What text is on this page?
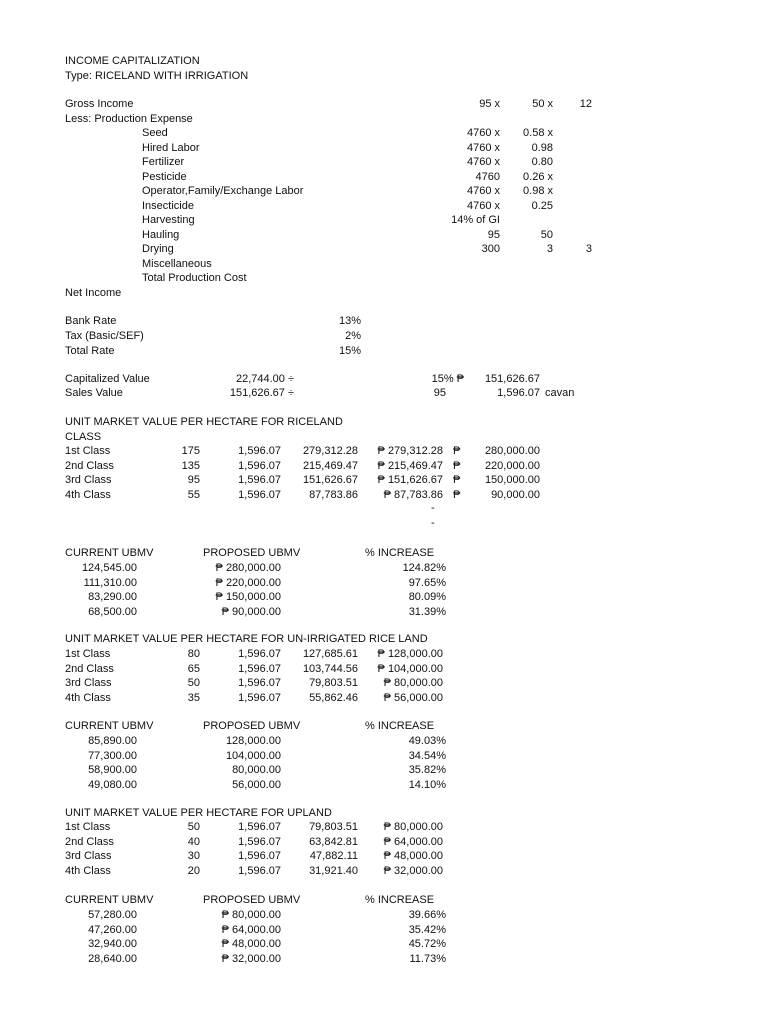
INCOME CAPITALIZATION
Type: RICELAND WITH IRRIGATION
Gross Income	95 x	50 x	12
Less: Production Expense
Seed	4760 x	0.58 x
Hired Labor	4760 x	0.98
Fertilizer	4760 x	0.80
Pesticide	4760	0.26 x
Operator,Family/Exchange Labor	4760 x	0.98 x
Insecticide	4760 x	0.25
Harvesting	14% of GI
Hauling	95	50
Drying	300	3	3
Miscellaneous
Total Production Cost
Net Income
Bank Rate	13%
Tax (Basic/SEF)	2%
Total Rate	15%
Capitalized Value	22,744.00 ÷	15% ₱	151,626.67
Sales Value	151,626.67 ÷	95	1,596.07 cavan
UNIT MARKET VALUE PER HECTARE FOR RICELAND
CLASS
1st Class	175	1,596.07	279,312.28	₱ 279,312.28 ₱	280,000.00
2nd Class	135	1,596.07	215,469.47	₱ 215,469.47 ₱	220,000.00
3rd Class	95	1,596.07	151,626.67	₱ 151,626.67 ₱	150,000.00
4th Class	55	1,596.07	87,783.86	₱ 87,783.86 ₱	90,000.00
-
-
CURRENT UBMV	PROPOSED UBMV	% INCREASE
124,545.00	₱ 280,000.00	124.82%
111,310.00	₱ 220,000.00	97.65%
83,290.00	₱ 150,000.00	80.09%
68,500.00	₱ 90,000.00	31.39%
UNIT MARKET VALUE PER HECTARE FOR UN-IRRIGATED RICE LAND
1st Class	80	1,596.07	127,685.61	₱ 128,000.00
2nd Class	65	1,596.07	103,744.56	₱ 104,000.00
3rd Class	50	1,596.07	79,803.51	₱ 80,000.00
4th Class	35	1,596.07	55,862.46	₱ 56,000.00
CURRENT UBMV	PROPOSED UBMV	% INCREASE
85,890.00	128,000.00	49.03%
77,300.00	104,000.00	34.54%
58,900.00	80,000.00	35.82%
49,080.00	56,000.00	14.10%
UNIT MARKET VALUE PER HECTARE FOR UPLAND
1st Class	50	1,596.07	79,803.51	₱ 80,000.00
2nd Class	40	1,596.07	63,842.81	₱ 64,000.00
3rd Class	30	1,596.07	47,882.11	₱ 48,000.00
4th Class	20	1,596.07	31,921.40	₱ 32,000.00
CURRENT UBMV	PROPOSED UBMV	% INCREASE
57,280.00	₱ 80,000.00	39.66%
47,260.00	₱ 64,000.00	35.42%
32,940.00	₱ 48,000.00	45.72%
28,640.00	₱ 32,000.00	11.73%
